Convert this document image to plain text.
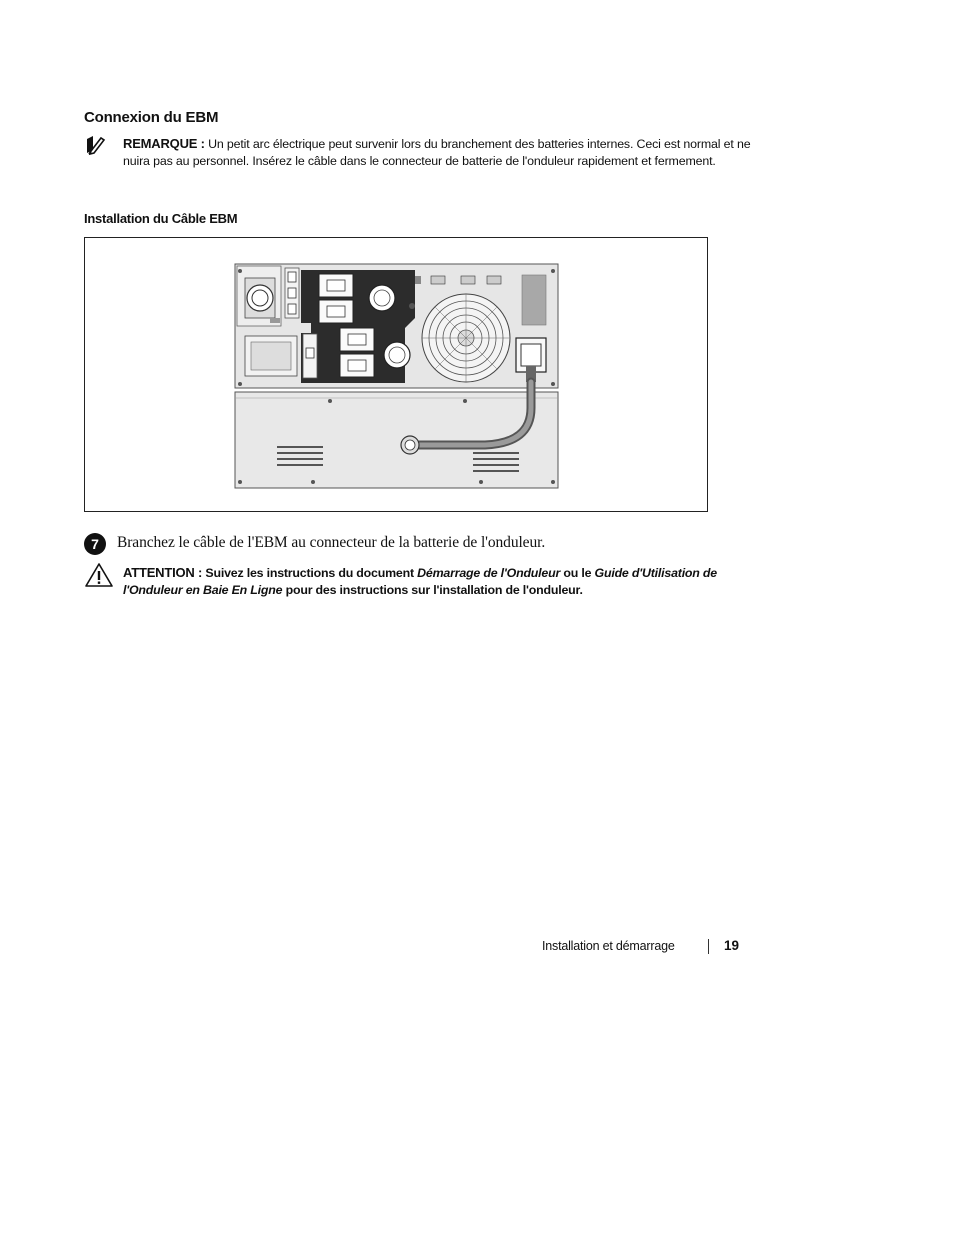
Connexion du EBM
REMARQUE : Un petit arc électrique peut survenir lors du branchement des batteries internes. Ceci est normal et ne nuira pas au personnel. Insérez le câble dans le connecteur de batterie de l'onduleur rapidement et fermement.
Installation du Câble EBM
7	Branchez le câble de l'EBM au connecteur de la batterie de l'onduleur.
ATTENTION : Suivez les instructions du document Démarrage de l'Onduleur ou le Guide d'Utilisation de l'Onduleur en Baie En Ligne pour des instructions sur l'installation de l'onduleur.
Installation et démarrage	19
